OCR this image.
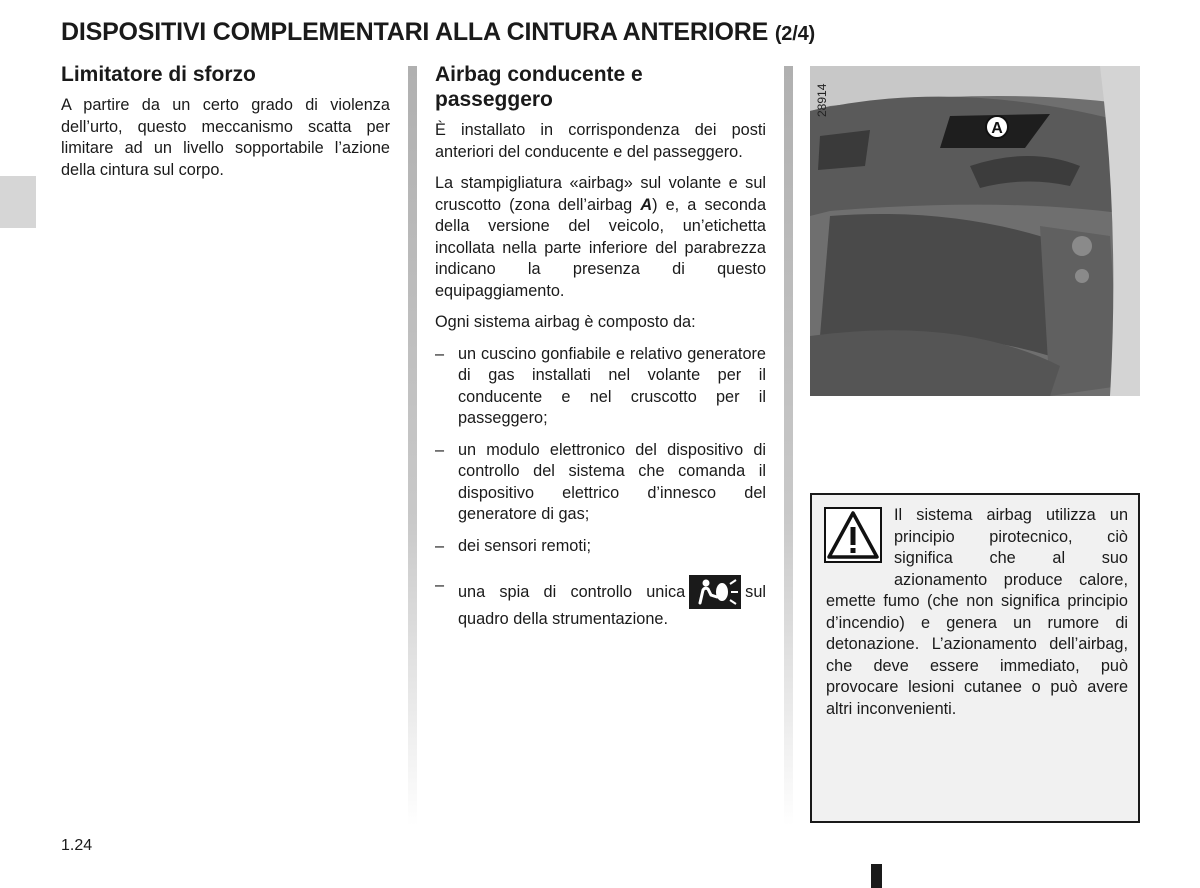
DISPOSITIVI COMPLEMENTARI ALLA CINTURA ANTERIORE (2/4)
Limitatore di sforzo

A partire da un certo grado di violenza dell’urto, questo meccanismo scatta per limitare ad un livello sopportabile l’azione della cintura sul corpo.

Airbag conducente e passeggero

È installato in corrispondenza dei posti anteriori del conducente e del passeggero.

La stampigliatura «airbag» sul volante e sul cruscotto (zona dell’airbag A) e, a seconda della versione del veicolo, un’etichetta incollata nella parte inferiore del parabrezza indicano la presenza di questo equipaggiamento.

Ogni sistema airbag è composto da:

– un cuscino gonfiabile e relativo generatore di gas installati nel volante per il conducente e nel cruscotto per il passeggero;
– un modulo elettronico del dispositivo di controllo del sistema che comanda il dispositivo elettrico d’innesco del generatore di gas;
– dei sensori remoti;
– una spia di controllo unica	sul quadro della strumentazione.
A
28914
Il sistema airbag utilizza un principio pirotecnico, ciò significa che al suo azionamento produce calore, emette fumo (che non significa principio d’incendio) e genera un rumore di detonazione. L’azionamento dell’airbag, che deve essere immediato, può provocare lesioni cutanee o può avere altri inconvenienti.
1.24
